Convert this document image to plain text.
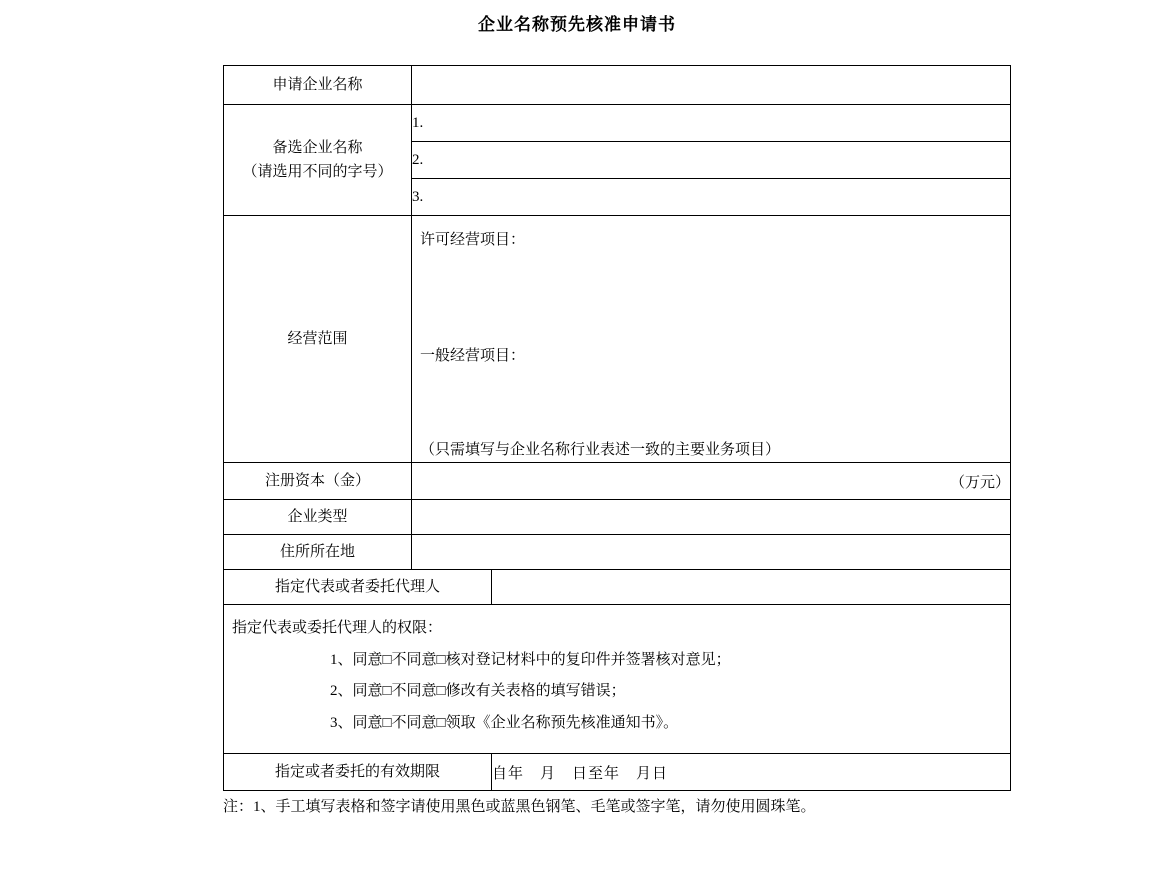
企业名称预先核准申请书
申请企业名称		

备选企业名称
（请选用不同的字号）	1.	
	2.	
	3.	
经营范围	许可经营项目：
一般经营项目：
（只需填写与企业名称行业表述一致的主要业务项目）	

注册资本（金）	（万元）	
企业类型		
住所所在地		
指定代表或者委托代理人		

指定代表或委托代理人的权限：
1、同意□不同意□核对登记材料中的复印件并签署核对意见；
2、同意□不同意□修改有关表格的填写错误；
3、同意□不同意□领取《企业名称预先核准通知书》。		

指定或者委托的有效期限		自年　月　日至年　月日
注：1、手工填写表格和签字请使用黑色或蓝黑色钢笔、毛笔或签字笔，请勿使用圆珠笔。
